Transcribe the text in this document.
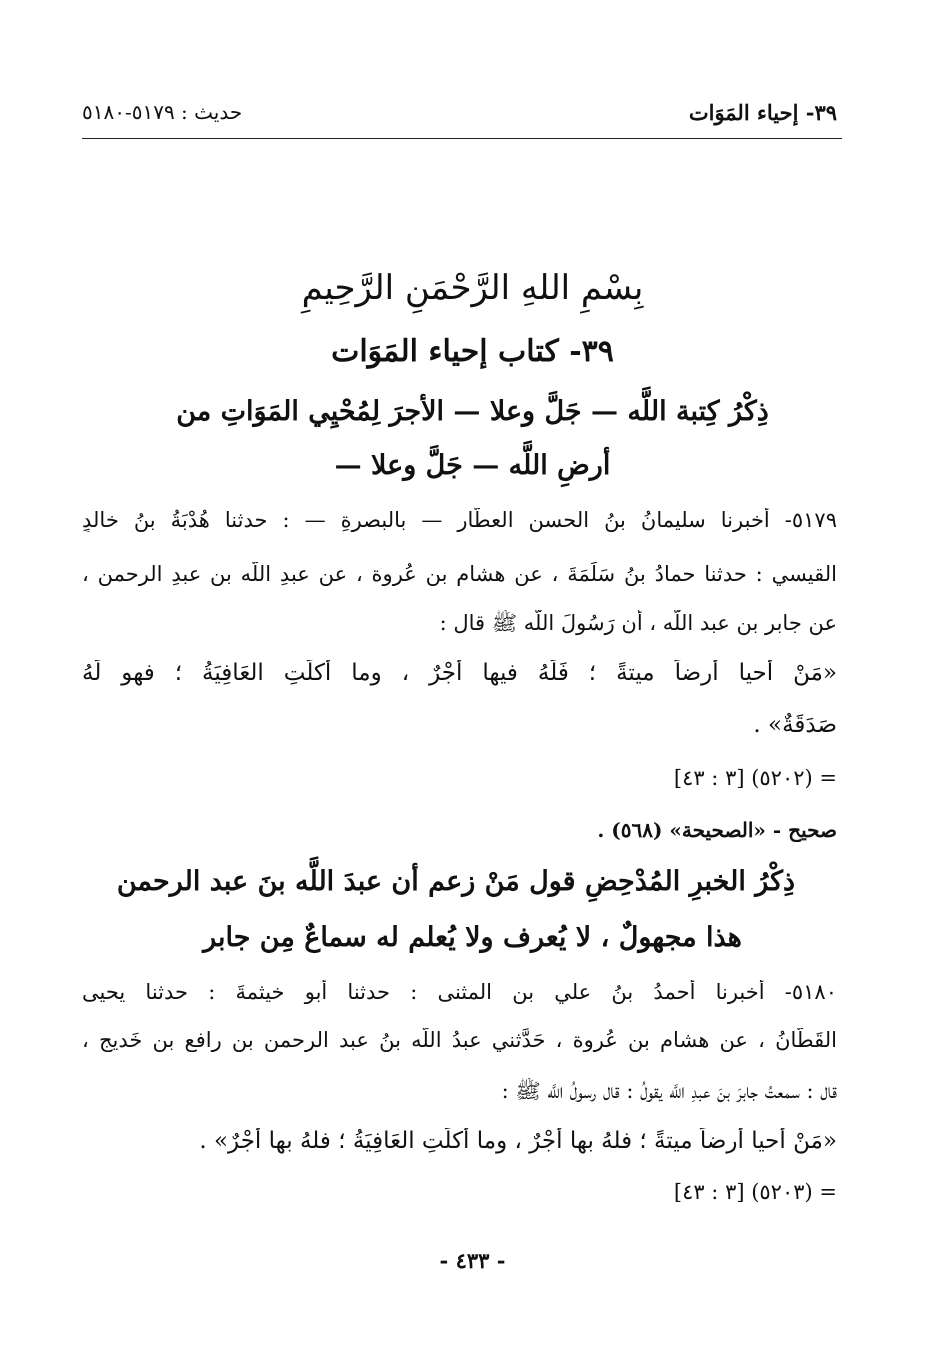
٣٩- إحياء المَوَات
حديث : ٥١٧٩-٥١٨٠
بِسْمِ اللهِ الرَّحْمَنِ الرَّحِيمِ
٣٩- كتاب إحياء المَوَات
ذِكْرُ كِتبة اللَّه — جَلَّ وعلا — الأجرَ لِمُحْيِي المَوَاتِ من
أرضِ اللَّه — جَلَّ وعلا —
٥١٧٩- أخبرنا سليمانُ بنُ الحسن العطَّار — بالبصرةِ — : حدثنا هُدْبَةُ بنُ خالدٍ
القيسي : حدثنا حمادُ بنُ سَلَمَةَ ، عن هشام بنِ عُروة ، عن عبدِ اللَّه بن عبدِ الرحمن ،
عن جابر بن عبد اللَّه ، أن رَسُولَ اللَّه ﷺ قال :
«مَنْ أحيا أرضاً ميتةً ؛ فَلَهُ فيها أجْرٌ ، وما أكلَتِ العَافِيَةُ ؛ فهو لَهُ
صَدَقَةٌ» .
= (٥٢٠٢) [٣ : ٤٣]
صحيح - «الصحيحة» (٥٦٨) .
ذِكْرُ الخبرِ المُدْحِضِ قول مَنْ زعم أن عبدَ اللَّه بنَ عبد الرحمن
هذا مجهولٌ ، لا يُعرف ولا يُعلم له سماعٌ مِن جابر
٥١٨٠- أخبرنا أحمدُ بنُ علي بنِ المثنى : حدثنا أبو خيثمةَ : حدثنا يحيى
القَطَّانُ ، عن هشام بنِ عُروة ، حَدَّثني عبدُ اللَّه بنُ عبد الرحمن بن رافع بنِ خَديجٍ ،
قال : سمعتُ جابرَ بنَ عبدِ اللَّه يقولُ : قال رسولُ اللَّه ﷺ :
«مَنْ أحيا أرضاً ميتةً ؛ فلهُ بها أجْرٌ ، وما أكلَتِ العَافِيَةُ ؛ فلهُ بها أجْرٌ» .
= (٥٢٠٣) [٣ : ٤٣]
- ٤٣٣ -
